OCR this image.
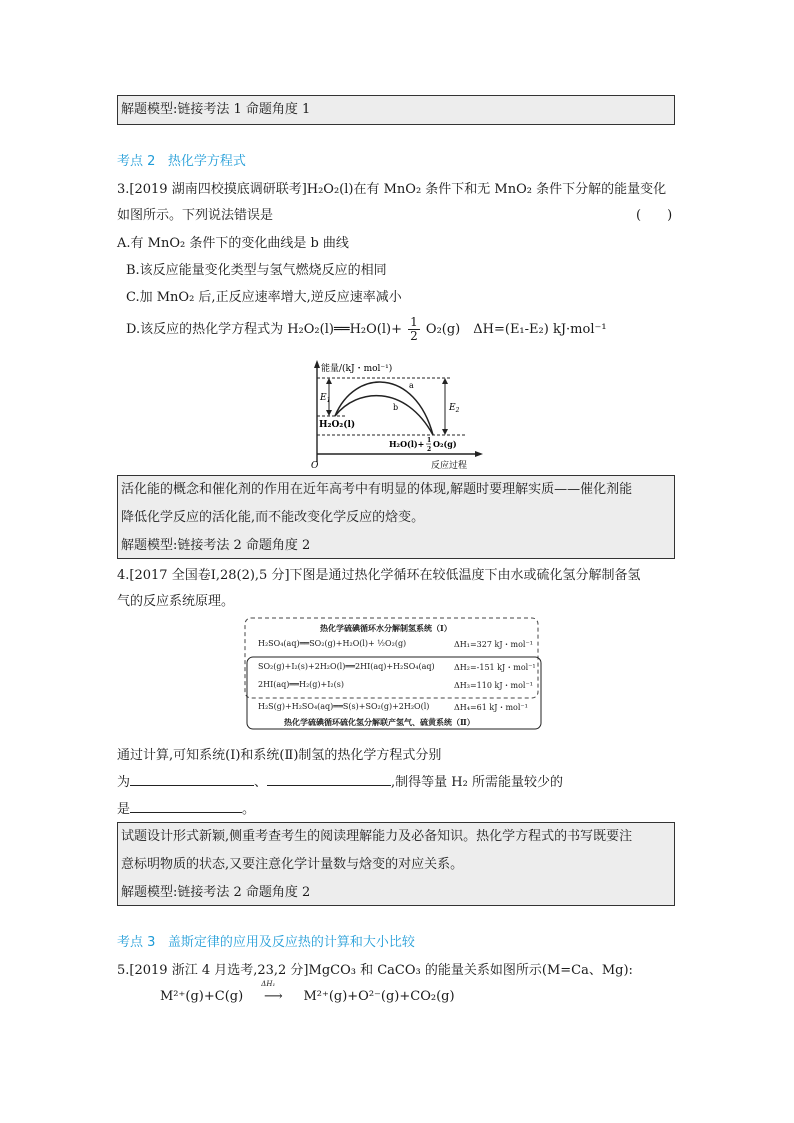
解题模型:链接考法 1 命题角度 1
考点 2 热化学方程式
3.[2019 湖南四校摸底调研联考]H₂O₂(l)在有 MnO₂ 条件下和无 MnO₂ 条件下分解的能量变化
如图所示。下列说法错误是	(　　)
A.有 MnO₂ 条件下的变化曲线是 b 曲线
B.该反应能量变化类型与氢气燃烧反应的相同
C.加 MnO₂ 后,正反应速率增大,逆反应速率减小
D.该反应的热化学方程式为 H₂O₂(l)══H₂O(l)+ $\frac{1}{2} O_2(g)$　ΔH=(E₁-E₂) kJ·mol⁻¹
O
能量/(kJ・mol⁻¹)
反应过程
a
b
$E_1$
$E_2$
H₂O₂(l)
H₂O(l)+ 1
2
O₂(g)
活化能的概念和催化剂的作用在近年高考中有明显的体现,解题时要理解实质——催化剂能
降低化学反应的活化能,而不能改变化学反应的焓变。
解题模型:链接考法 2 命题角度 2
4.[2017 全国卷Ⅰ,28(2),5 分]下图是通过热化学循环在较低温度下由水或硫化氢分解制备氢
气的反应系统原理。
热化学硫碘循环水分解制氢系统（Ⅰ）
H₂SO₄(aq)══SO₂(g)+H₂O(l)+ ½O₂(g)	ΔH₁=327 kJ・mol⁻¹
SO₂(g)+I₂(s)+2H₂O(l)══2HI(aq)+H₂SO₄(aq) ΔH₂=-151 kJ・mol⁻¹
2HI(aq)══H₂(g)+I₂(s)	ΔH₃=110 kJ・mol⁻¹
H₂S(g)+H₂SO₄(aq)══S(s)+SO₂(g)+2H₂O(l)	ΔH₄=61 kJ・mol⁻¹
热化学硫碘循环硫化氢分解联产氢气、硫黄系统（Ⅱ）
通过计算,可知系统(Ⅰ)和系统(Ⅱ)制氢的热化学方程式分别
为	、	,制得等量 H₂ 所需能量较少的
是	。
试题设计形式新颖,侧重考查考生的阅读理解能力及必备知识。热化学方程式的书写既要注
意标明物质的状态,又要注意化学计量数与焓变的对应关系。
解题模型:链接考法 2 命题角度 2
考点 3 盖斯定律的应用及反应热的计算和大小比较
5.[2019 浙江 4 月选考,23,2 分]MgCO₃ 和 CaCO₃ 的能量关系如图所示(M=Ca、Mg):
M²⁺(g)+C(g)
ΔH₁
⟶ M²⁺(g)+O²⁻(g)+CO₂(g)
